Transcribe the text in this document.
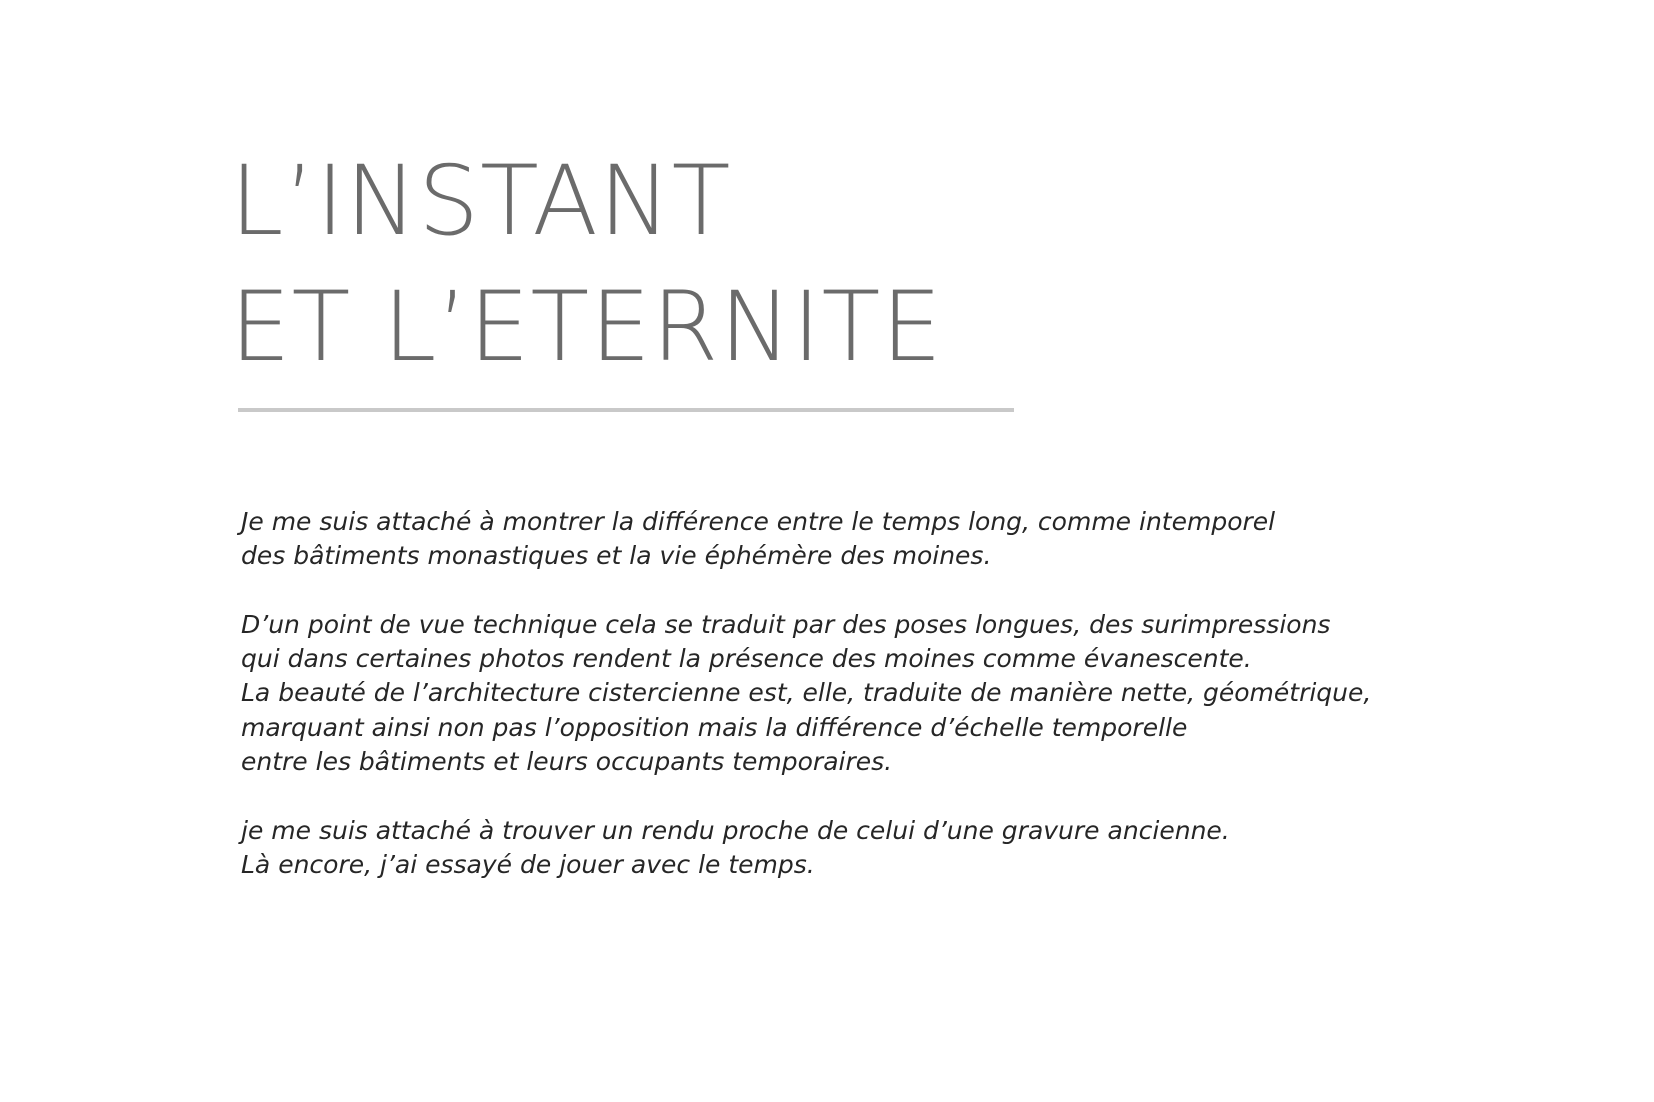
L’INSTANT
ET L’ETERNITE

Je me suis attaché à montrer la différence entre le temps long, comme intemporel
des bâtiments monastiques et la vie éphémère des moines.

D’un point de vue technique cela se traduit par des poses longues, des surimpressions
qui dans certaines photos rendent la présence des moines comme évanescente.
La beauté de l’architecture cistercienne est, elle, traduite de manière nette, géométrique,
marquant ainsi non pas l’opposition mais la différence d’échelle temporelle
entre les bâtiments et leurs occupants temporaires.

je me suis attaché à trouver un rendu proche de celui d’une gravure ancienne.
Là encore, j’ai essayé de jouer avec le temps.
